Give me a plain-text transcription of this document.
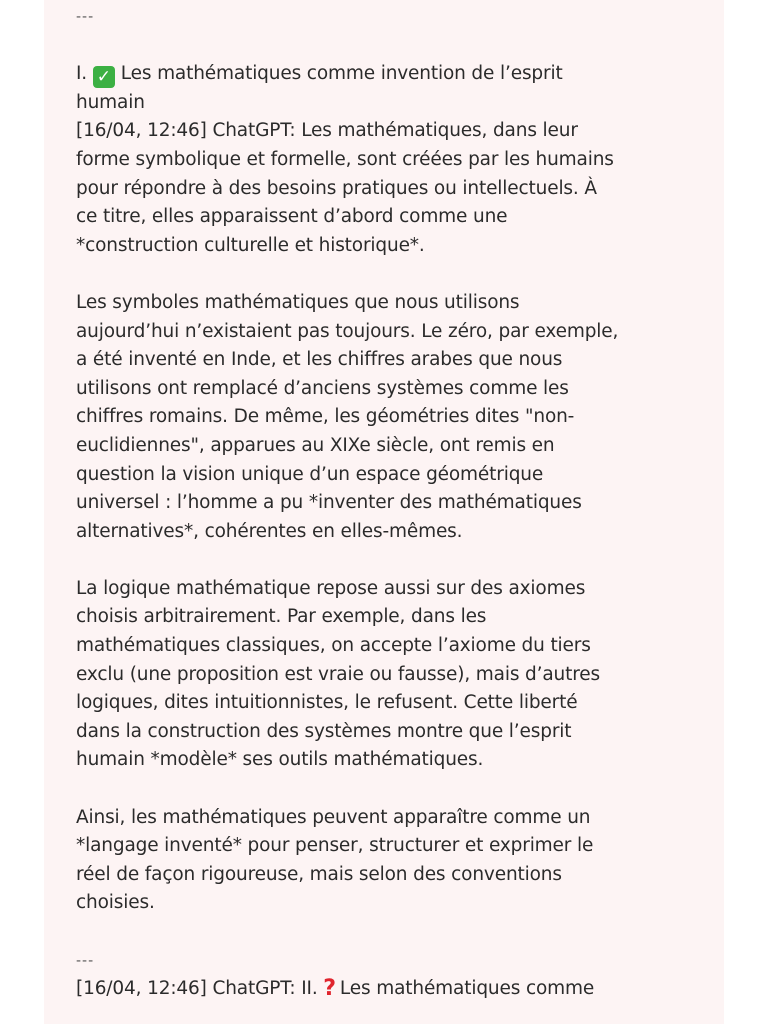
---
I. ✓ Les mathématiques comme invention de l’esprit
humain
[16/04, 12:46] ChatGPT: Les mathématiques, dans leur
forme symbolique et formelle, sont créées par les humains
pour répondre à des besoins pratiques ou intellectuels. À
ce titre, elles apparaissent d’abord comme une
*construction culturelle et historique*.
Les symboles mathématiques que nous utilisons
aujourd’hui n’existaient pas toujours. Le zéro, par exemple,
a été inventé en Inde, et les chiffres arabes que nous
utilisons ont remplacé d’anciens systèmes comme les
chiffres romains. De même, les géométries dites "non-
euclidiennes", apparues au XIXe siècle, ont remis en
question la vision unique d’un espace géométrique
universel : l’homme a pu *inventer des mathématiques
alternatives*, cohérentes en elles-mêmes.
La logique mathématique repose aussi sur des axiomes
choisis arbitrairement. Par exemple, dans les
mathématiques classiques, on accepte l’axiome du tiers
exclu (une proposition est vraie ou fausse), mais d’autres
logiques, dites intuitionnistes, le refusent. Cette liberté
dans la construction des systèmes montre que l’esprit
humain *modèle* ses outils mathématiques.
Ainsi, les mathématiques peuvent apparaître comme un
*langage inventé* pour penser, structurer et exprimer le
réel de façon rigoureuse, mais selon des conventions
choisies.
---
[16/04, 12:46] ChatGPT: II. ? Les mathématiques comme
